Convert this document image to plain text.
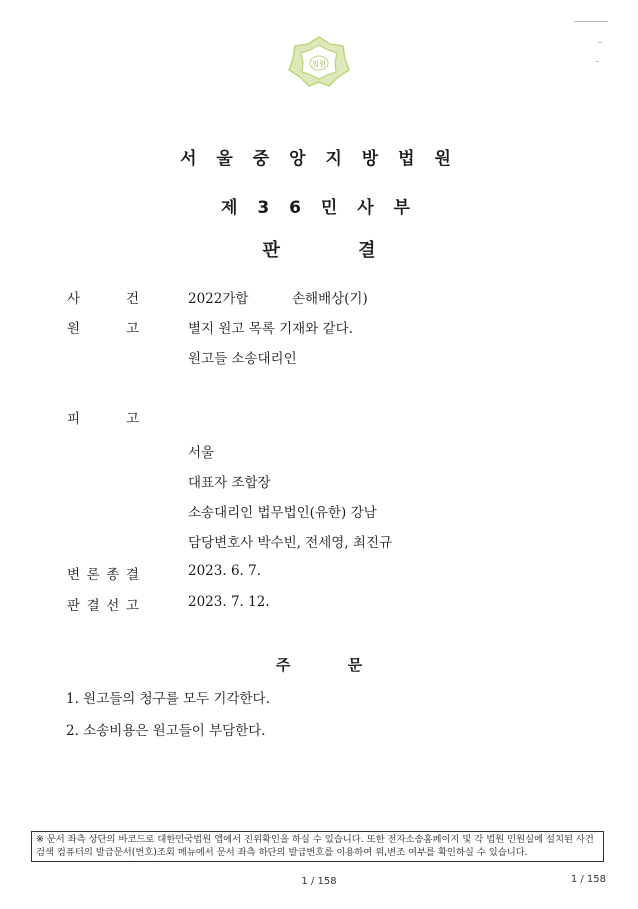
법원
서 울 중 앙 지 방 법 원
제 3 6 민 사 부
판 결
사	건	2022가합	손해배상(기)
원	고	별지 원고 목록 기재와 같다.
원고들 소송대리인
피	고
서울
대표자 조합장
소송대리인 법무법인(유한) 강남
담당변호사 박수빈, 전세영, 최진규
변 론 종 결	2023. 6. 7.
판 결 선 고	2023. 7. 12.
주 문
1. 원고들의 청구를 모두 기각한다.
2. 소송비용은 원고들이 부담한다.
※ 문서 좌측 상단의 바코드로 대한민국법원 앱에서 진위확인을 하실 수 있습니다. 또한 전자소송홈페이지 및 각 법원 민원실에 설치된 사건검색 컴퓨터의 발급문서(번호)조회 메뉴에서 문서 좌측 하단의 발급번호를 이용하여 위,변조 여부를 확인하실 수 있습니다.
1 / 158	1 / 158
